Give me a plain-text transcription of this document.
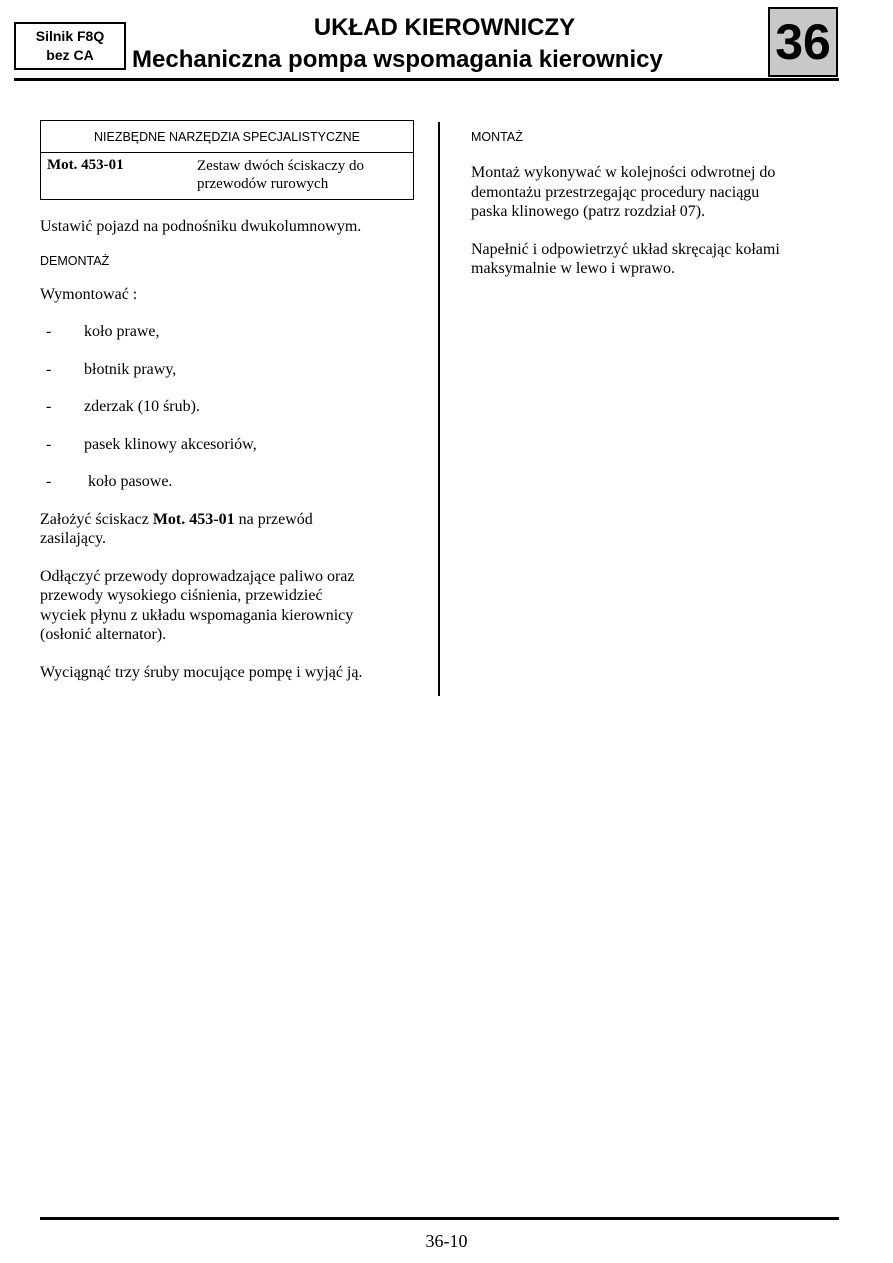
Silnik F8Q
bez CA
UKŁAD KIEROWNICZY
Mechaniczna pompa wspomagania kierownicy	36
NIEZBĘDNE NARZĘDZIA SPECJALISTYCZNE
Mot. 453-01	Zestaw dwóch ściskaczy do
przewodów rurowych

Ustawić pojazd na podnośniku dwukolumnowym.

DEMONTAŻ

Wymontować :

- koło prawe,
- błotnik prawy,
- zderzak (10 śrub).
- pasek klinowy akcesoriów,
- koło pasowe.

Założyć ściskacz Mot. 453-01 na przewód
zasilający.

Odłączyć przewody doprowadzające paliwo oraz
przewody wysokiego ciśnienia, przewidzieć
wyciek płynu z układu wspomagania kierownicy
(osłonić alternator).

Wyciągnąć trzy śruby mocujące pompę i wyjąć ją.

MONTAŻ

Montaż wykonywać w kolejności odwrotnej do
demontażu przestrzegając procedury naciągu
paska klinowego (patrz rozdział 07).

Napełnić i odpowietrzyć układ skręcając kołami
maksymalnie w lewo i wprawo.

36-10
